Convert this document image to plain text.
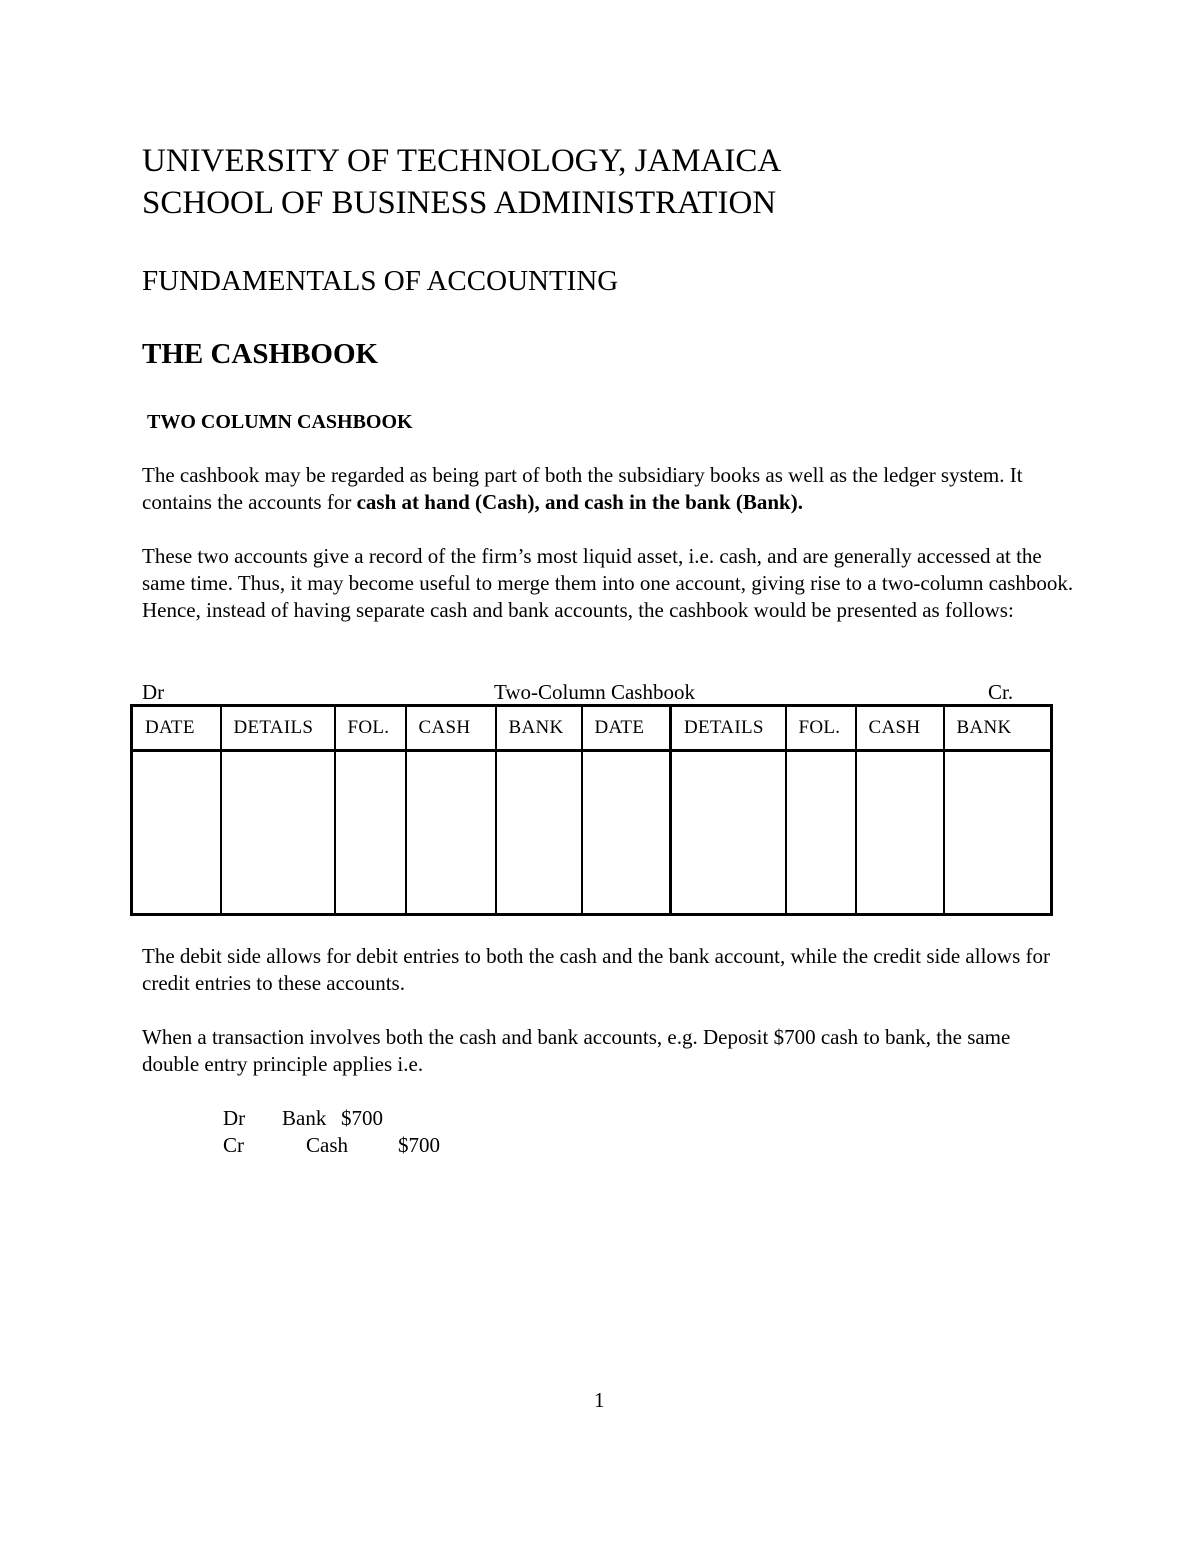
UNIVERSITY OF TECHNOLOGY, JAMAICA

SCHOOL OF BUSINESS ADMINISTRATION

FUNDAMENTALS OF ACCOUNTING

THE CASHBOOK

TWO COLUMN CASHBOOK

The cashbook may be regarded as being part of both the subsidiary books as well as the ledger system. It contains the accounts for cash at hand (Cash), and cash in the bank (Bank).

These two accounts give a record of the firm’s most liquid asset, i.e. cash, and are generally accessed at the same time. Thus, it may become useful to merge them into one account, giving rise to a two-column cashbook. Hence, instead of having separate cash and bank accounts, the cashbook would be presented as follows:

Dr	Two-Column Cashbook	Cr.
DATE	DETAILS	FOL.	CASH	BANK	DATE	DETAILS	FOL.	CASH	BANK

The debit side allows for debit entries to both the cash and the bank account, while the credit side allows for credit entries to these accounts.

When a transaction involves both the cash and bank accounts, e.g. Deposit $700 cash to bank, the same double entry principle applies i.e.

Dr Bank $700
Cr	Cash $700
1
